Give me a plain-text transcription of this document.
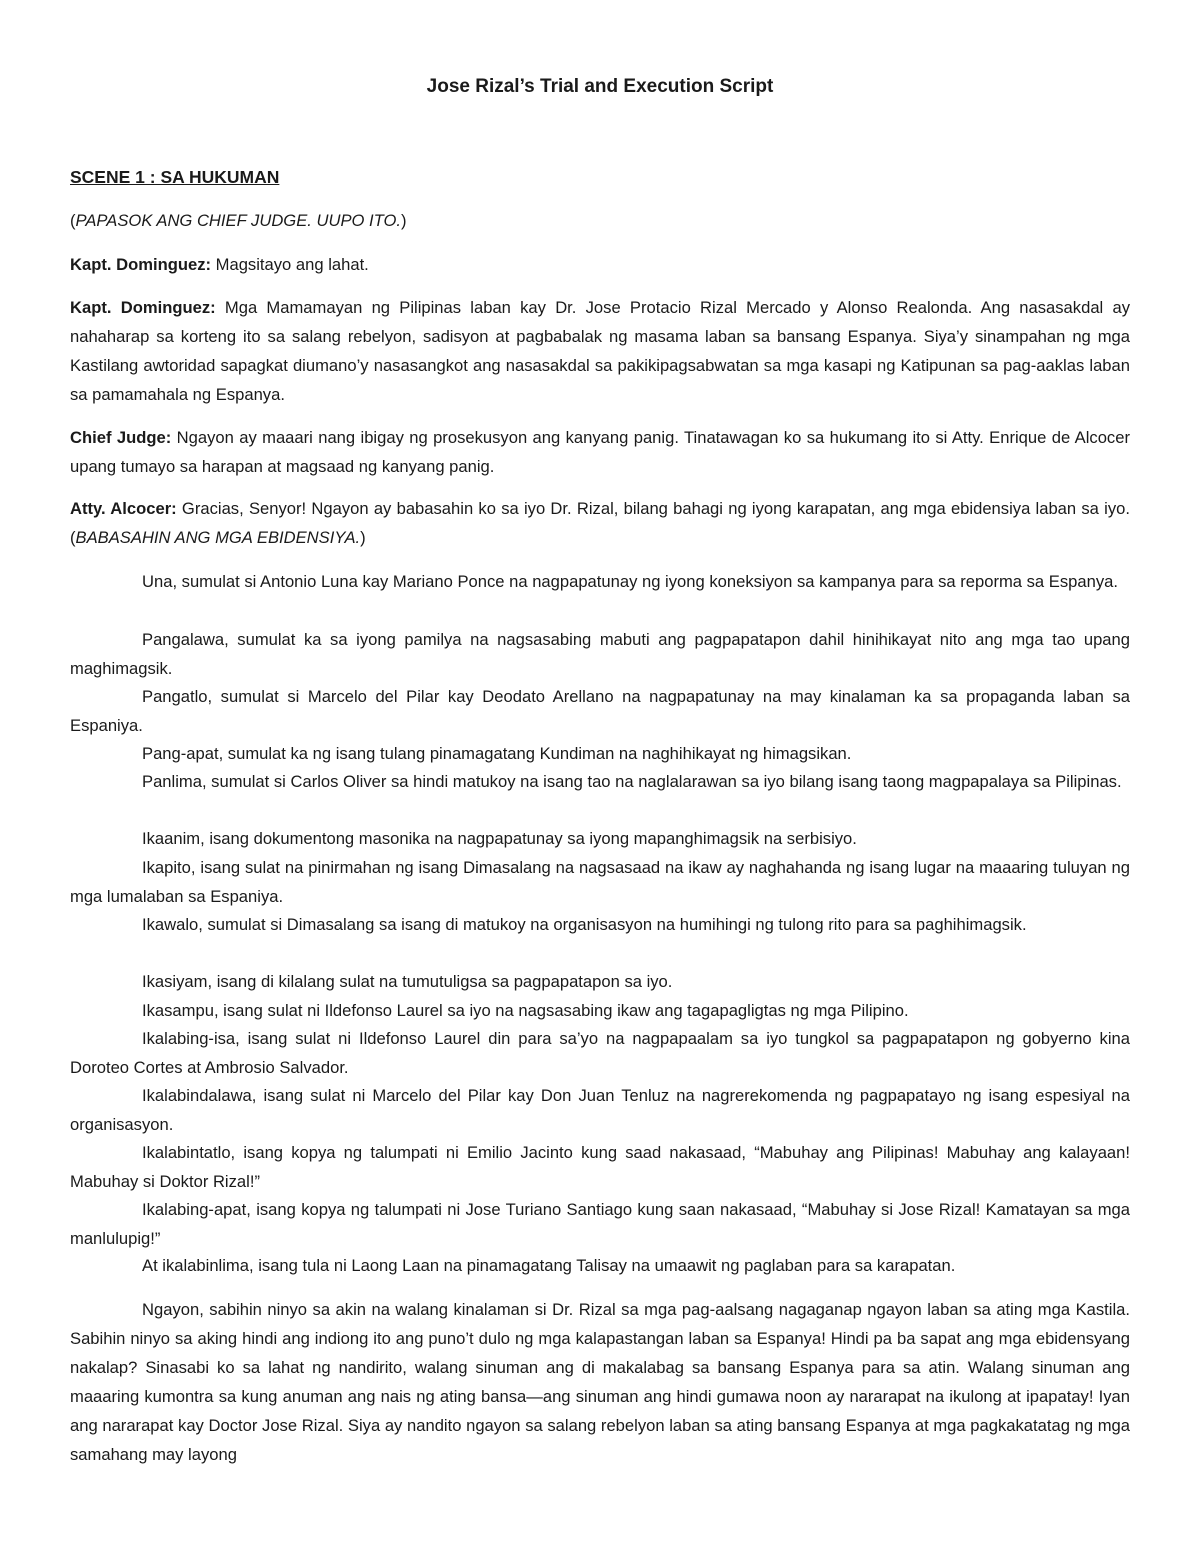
Jose Rizal’s Trial and Execution Script
SCENE 1 : SA HUKUMAN

(PAPASOK ANG CHIEF JUDGE. UUPO ITO.)

Kapt. Dominguez: Magsitayo ang lahat.

Kapt. Dominguez: Mga Mamamayan ng Pilipinas laban kay Dr. Jose Protacio Rizal Mercado y Alonso Realonda. Ang nasasakdal ay nahaharap sa korteng ito sa salang rebelyon, sadisyon at pagbabalak ng masama laban sa bansang Espanya. Siya’y sinampahan ng mga Kastilang awtoridad sapagkat diumano’y nasasangkot ang nasasakdal sa pakikipagsabwatan sa mga kasapi ng Katipunan sa pag-aaklas laban sa pamamahala ng Espanya.

Chief Judge: Ngayon ay maaari nang ibigay ng prosekusyon ang kanyang panig. Tinatawagan ko sa hukumang ito si Atty. Enrique de Alcocer upang tumayo sa harapan at magsaad ng kanyang panig.

Atty. Alcocer: Gracias, Senyor! Ngayon ay babasahin ko sa iyo Dr. Rizal, bilang bahagi ng iyong karapatan, ang mga ebidensiya laban sa iyo. (BABASAHIN ANG MGA EBIDENSIYA.)

Una, sumulat si Antonio Luna kay Mariano Ponce na nagpapatunay ng iyong koneksiyon sa kampanya para sa reporma sa Espanya.

Pangalawa, sumulat ka sa iyong pamilya na nagsasabing mabuti ang pagpapatapon dahil hinihikayat nito ang mga tao upang maghimagsik.

Pangatlo, sumulat si Marcelo del Pilar kay Deodato Arellano na nagpapatunay na may kinalaman ka sa propaganda laban sa Espaniya.

Pang-apat, sumulat ka ng isang tulang pinamagatang Kundiman na naghihikayat ng himagsikan.

Panlima, sumulat si Carlos Oliver sa hindi matukoy na isang tao na naglalarawan sa iyo bilang isang taong magpapalaya sa Pilipinas.

Ikaanim, isang dokumentong masonika na nagpapatunay sa iyong mapanghimagsik na serbisiyo.

Ikapito, isang sulat na pinirmahan ng isang Dimasalang na nagsasaad na ikaw ay naghahanda ng isang lugar na maaaring tuluyan ng mga lumalaban sa Espaniya.

Ikawalo, sumulat si Dimasalang sa isang di matukoy na organisasyon na humihingi ng tulong rito para sa paghihimagsik.

Ikasiyam, isang di kilalang sulat na tumutuligsa sa pagpapatapon sa iyo.

Ikasampu, isang sulat ni Ildefonso Laurel sa iyo na nagsasabing ikaw ang tagapagligtas ng mga Pilipino.

Ikalabing-isa, isang sulat ni Ildefonso Laurel din para sa’yo na nagpapaalam sa iyo tungkol sa pagpapatapon ng gobyerno kina Doroteo Cortes at Ambrosio Salvador.

Ikalabindalawa, isang sulat ni Marcelo del Pilar kay Don Juan Tenluz na nagrerekomenda ng pagpapatayo ng isang espesiyal na organisasyon.

Ikalabintatlo, isang kopya ng talumpati ni Emilio Jacinto kung saad nakasaad, “Mabuhay ang Pilipinas! Mabuhay ang kalayaan! Mabuhay si Doktor Rizal!”

Ikalabing-apat, isang kopya ng talumpati ni Jose Turiano Santiago kung saan nakasaad, “Mabuhay si Jose Rizal! Kamatayan sa mga manlulupig!”

At ikalabinlima, isang tula ni Laong Laan na pinamagatang Talisay na umaawit ng paglaban para sa karapatan.

Ngayon, sabihin ninyo sa akin na walang kinalaman si Dr. Rizal sa mga pag-aalsang nagaganap ngayon laban sa ating mga Kastila. Sabihin ninyo sa aking hindi ang indiong ito ang puno’t dulo ng mga kalapastangan laban sa Espanya! Hindi pa ba sapat ang mga ebidensyang nakalap? Sinasabi ko sa lahat ng nandirito, walang sinuman ang di makalabag sa bansang Espanya para sa atin. Walang sinuman ang maaaring kumontra sa kung anuman ang nais ng ating bansa—ang sinuman ang hindi gumawa noon ay nararapat na ikulong at ipapatay! Iyan ang nararapat kay Doctor Jose Rizal. Siya ay nandito ngayon sa salang rebelyon laban sa ating bansang Espanya at mga pagkakatatag ng mga samahang may layong
